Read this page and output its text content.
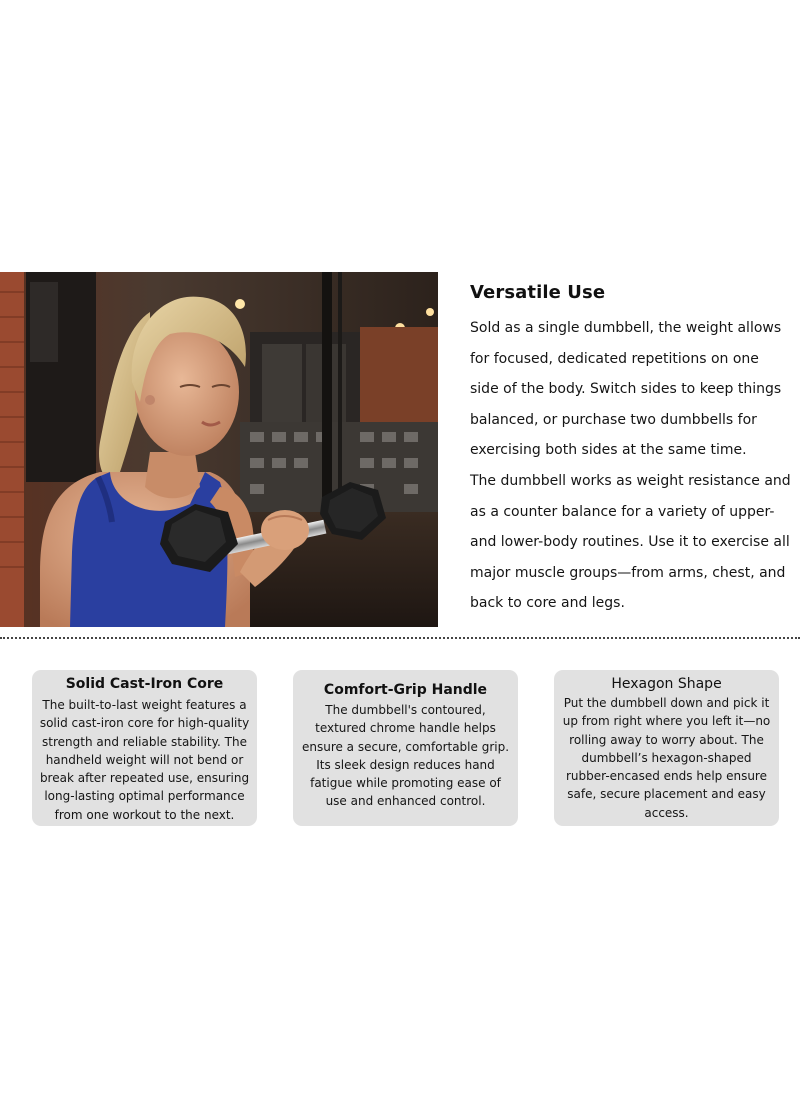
Versatile Use

Sold as a single dumbbell, the weight allows for focused, dedicated repetitions on one side of the body. Switch sides to keep things balanced, or purchase two dumbbells for exercising both sides at the same time.

The dumbbell works as weight resistance and as a counter balance for a variety of upper- and lower-body routines. Use it to exercise all major muscle groups—from arms, chest, and back to core and legs.

Solid Cast-Iron Core

The built-to-last weight features a solid cast-iron core for high-quality strength and reliable stability. The handheld weight will not bend or break after repeated use, ensuring long-lasting optimal performance from one workout to the next.

Comfort-Grip Handle

The dumbbell's contoured, textured chrome handle helps ensure a secure, comfortable grip. Its sleek design reduces hand fatigue while promoting ease of use and enhanced control.

Hexagon Shape

Put the dumbbell down and pick it up from right where you left it—no rolling away to worry about. The dumbbell’s hexagon-shaped rubber-encased ends help ensure safe, secure placement and easy access.
